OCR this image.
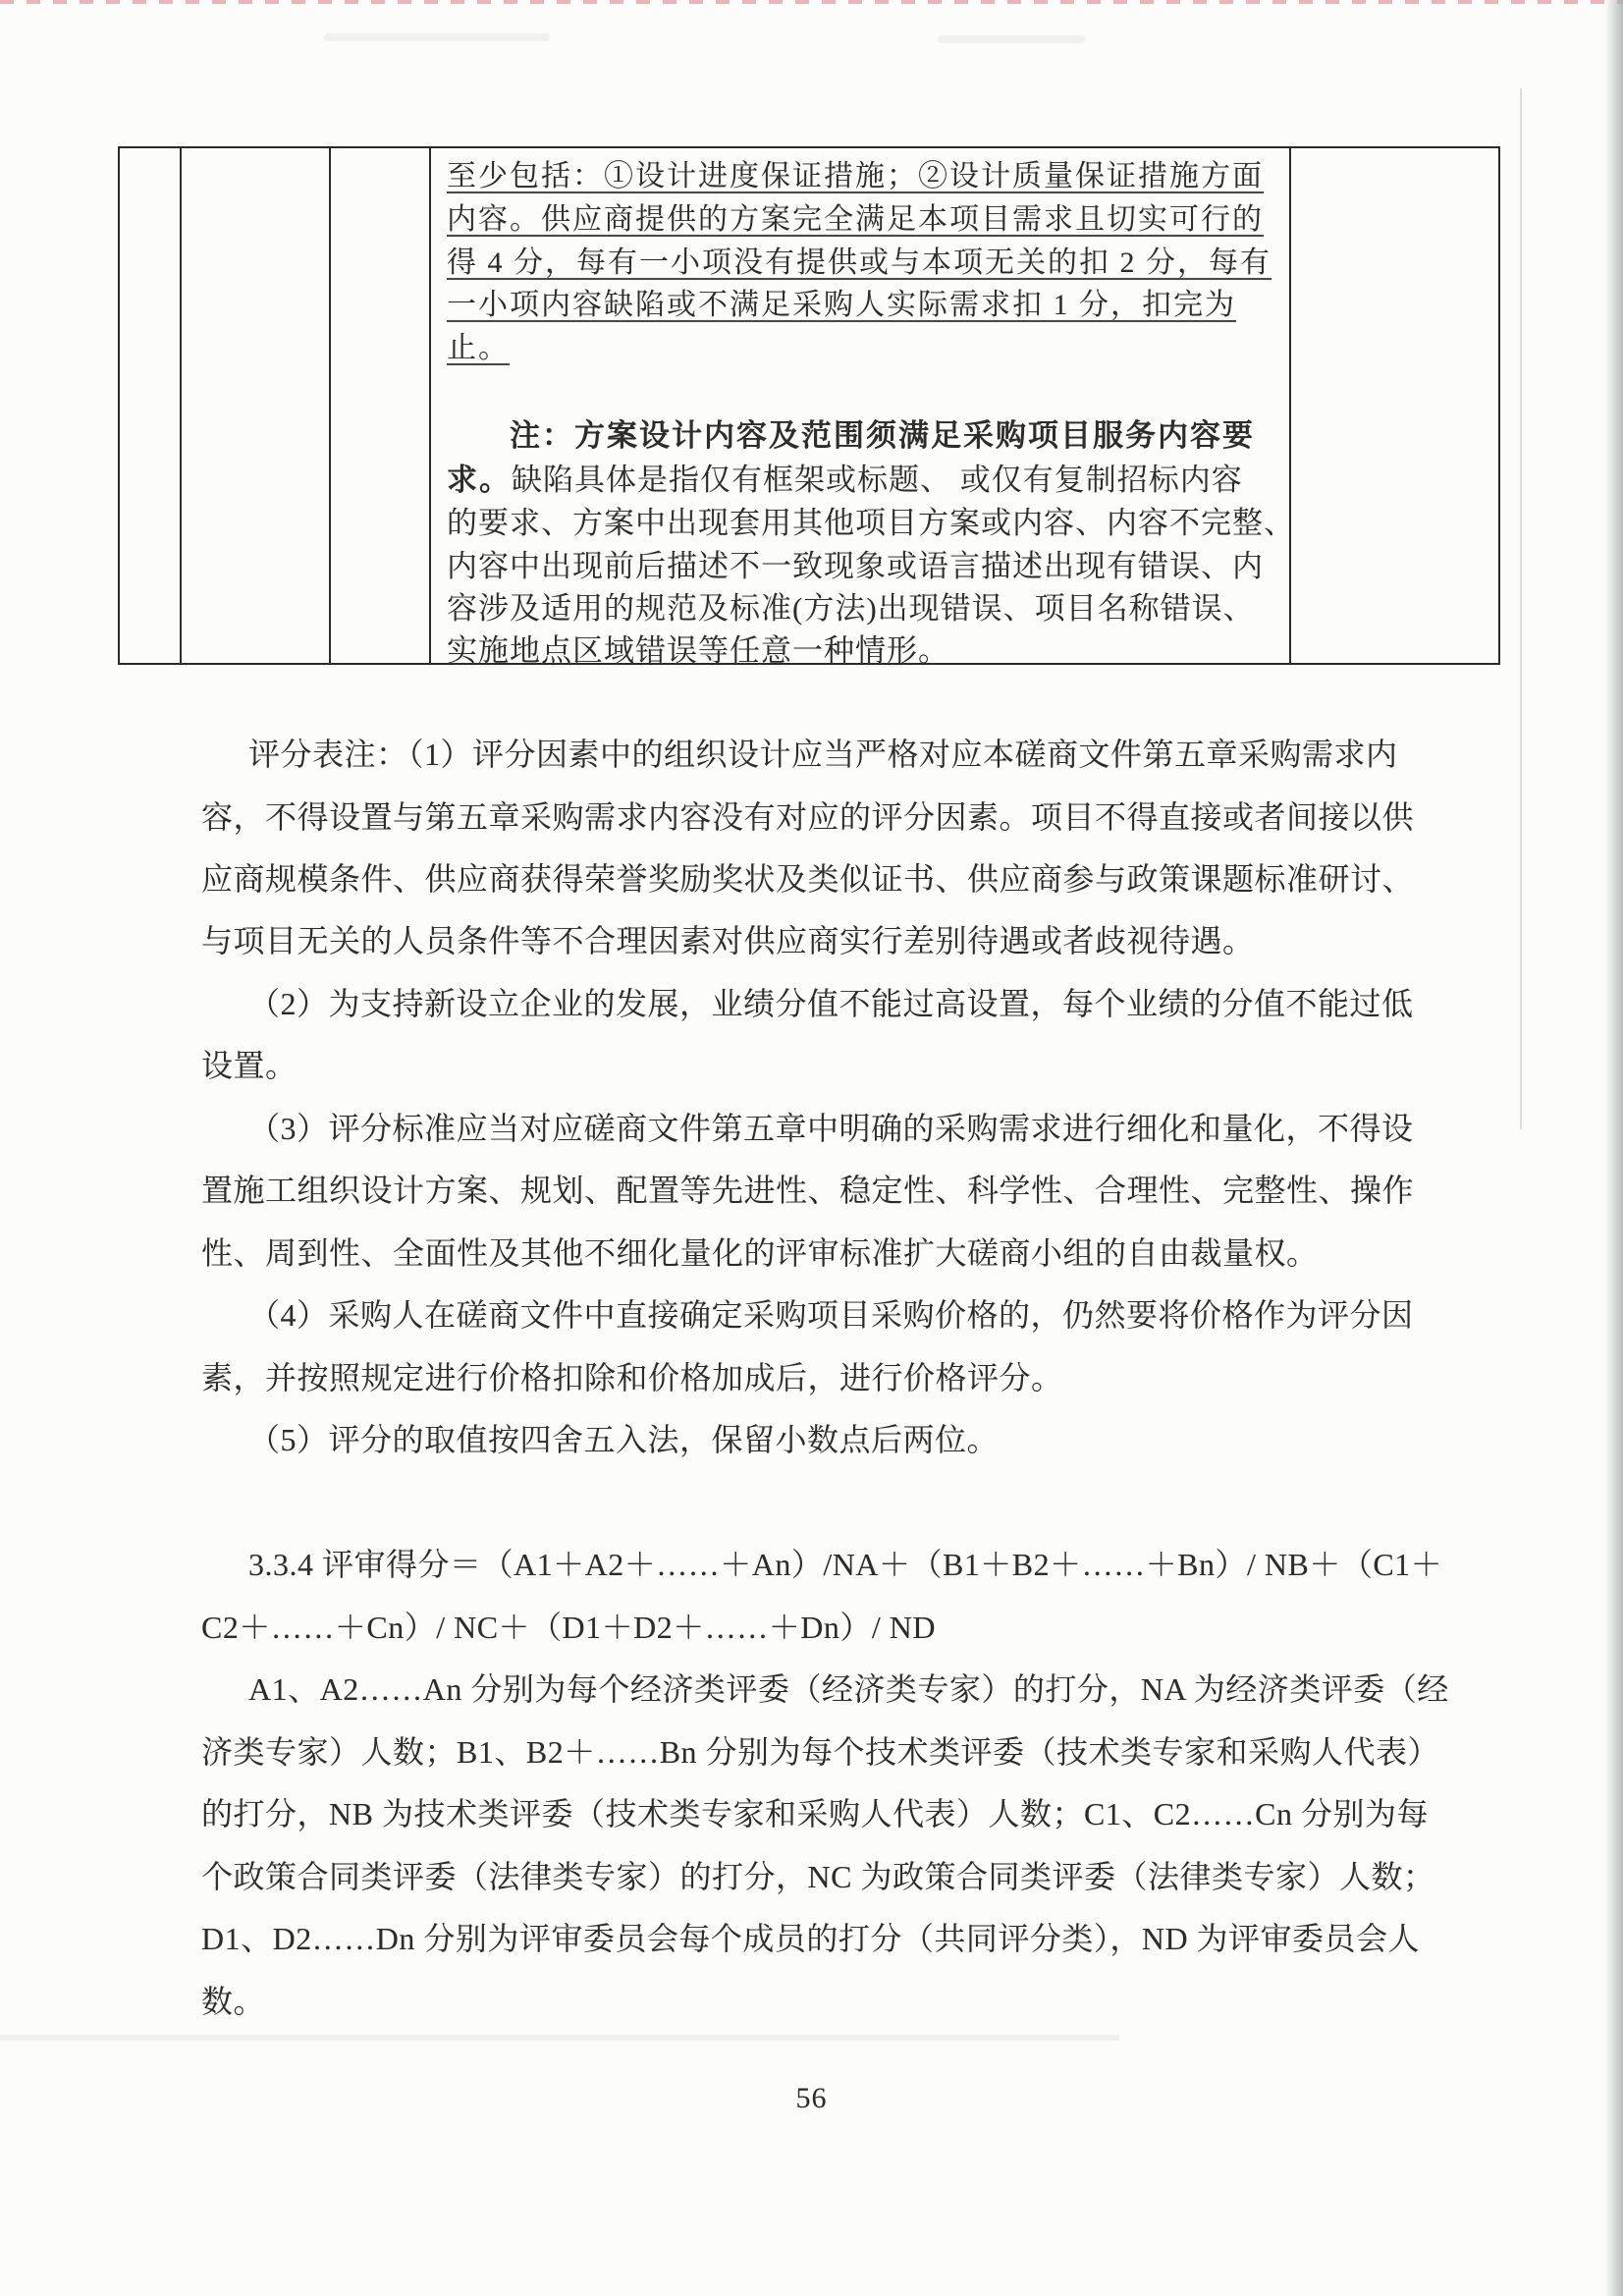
至少包括：①设计进度保证措施；②设计质量保证措施方面
内容。供应商提供的方案完全满足本项目需求且切实可行的
得 4 分，每有一小项没有提供或与本项无关的扣 2 分，每有
一小项内容缺陷或不满足采购人实际需求扣 1 分，扣完为
止。
注：方案设计内容及范围须满足采购项目服务内容要
求。缺陷具体是指仅有框架或标题、 或仅有复制招标内容
的要求、方案中出现套用其他项目方案或内容、内容不完整、
内容中出现前后描述不一致现象或语言描述出现有错误、内
容涉及适用的规范及标准(方法)出现错误、项目名称错误、
实施地点区域错误等任意一种情形。
评分表注：（1）评分因素中的组织设计应当严格对应本磋商文件第五章采购需求内
容，不得设置与第五章采购需求内容没有对应的评分因素。项目不得直接或者间接以供
应商规模条件、供应商获得荣誉奖励奖状及类似证书、供应商参与政策课题标准研讨、
与项目无关的人员条件等不合理因素对供应商实行差别待遇或者歧视待遇。
（2）为支持新设立企业的发展，业绩分值不能过高设置，每个业绩的分值不能过低
设置。
（3）评分标准应当对应磋商文件第五章中明确的采购需求进行细化和量化，不得设
置施工组织设计方案、规划、配置等先进性、稳定性、科学性、合理性、完整性、操作
性、周到性、全面性及其他不细化量化的评审标准扩大磋商小组的自由裁量权。
（4）采购人在磋商文件中直接确定采购项目采购价格的，仍然要将价格作为评分因
素，并按照规定进行价格扣除和价格加成后，进行价格评分。
（5）评分的取值按四舍五入法，保留小数点后两位。
3.3.4 评审得分＝（A1＋A2＋……＋An）/NA＋（B1＋B2＋……＋Bn）/ NB＋（C1＋
C2＋……＋Cn）/ NC＋（D1＋D2＋……＋Dn）/ ND
A1、A2……An 分别为每个经济类评委（经济类专家）的打分，NA 为经济类评委（经
济类专家）人数；B1、B2＋……Bn 分别为每个技术类评委（技术类专家和采购人代表）
的打分，NB 为技术类评委（技术类专家和采购人代表）人数；C1、C2……Cn 分别为每
个政策合同类评委（法律类专家）的打分，NC 为政策合同类评委（法律类专家）人数；
D1、D2……Dn 分别为评审委员会每个成员的打分（共同评分类），ND 为评审委员会人
数。
56
